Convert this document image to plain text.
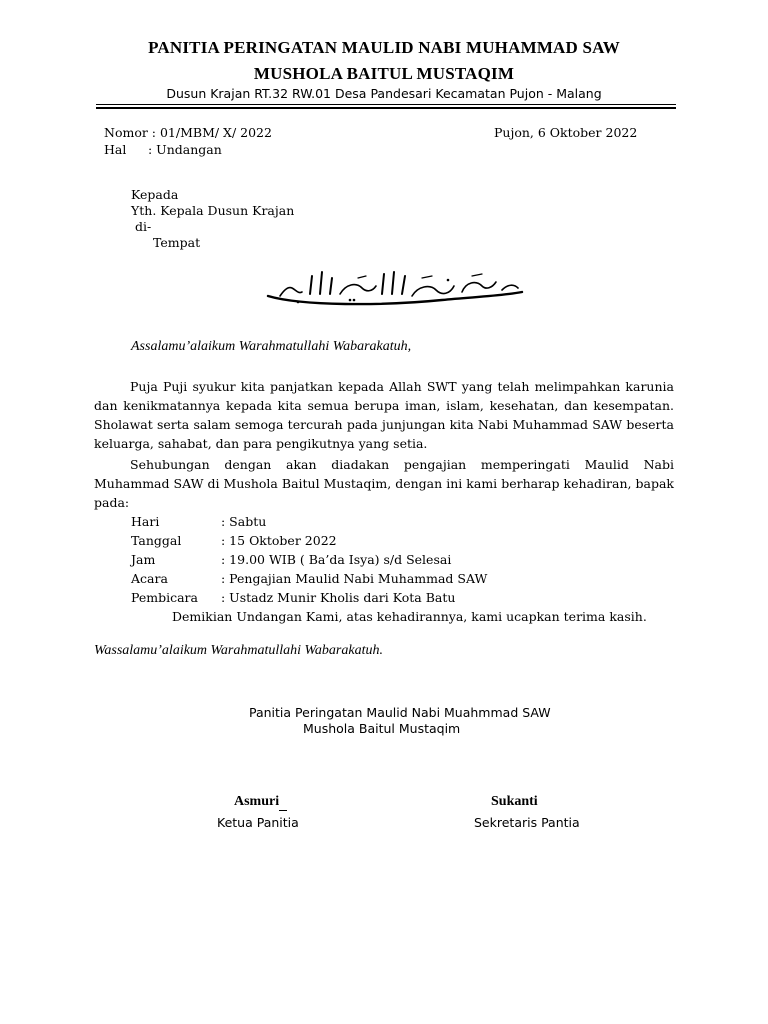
PANITIA PERINGATAN MAULID NABI MUHAMMAD SAW
MUSHOLA BAITUL MUSTAQIM
Dusun Krajan RT.32 RW.01 Desa Pandesari Kecamatan Pujon - Malang
Nomor : 01/MBM/ X/ 2022	Pujon, 6 Oktober 2022
Hal : Undangan
Kepada
Yth. Kepala Dusun Krajan
di-
Tempat
Assalamu’alaikum Warahmatullahi Wabarakatuh,
Puja Puji syukur kita panjatkan kepada Allah SWT yang telah melimpahkan karunia dan kenikmatannya kepada kita semua berupa iman, islam, kesehatan, dan kesempatan. Sholawat serta salam semoga tercurah pada junjungan kita Nabi Muhammad SAW beserta keluarga, sahabat, dan para pengikutnya yang setia.
Sehubungan dengan akan diadakan pengajian memperingati Maulid Nabi Muhammad SAW di Mushola Baitul Mustaqim, dengan ini kami berharap kehadiran, bapak pada:
Hari	: Sabtu
Tanggal	: 15 Oktober 2022
Jam	: 19.00 WIB ( Ba’da Isya) s/d Selesai
Acara	: Pengajian Maulid Nabi Muhammad SAW
Pembicara : Ustadz Munir Kholis dari Kota Batu
Demikian Undangan Kami, atas kehadirannya, kami ucapkan terima kasih.
Wassalamu’alaikum Warahmatullahi Wabarakatuh.
Panitia Peringatan Maulid Nabi Muahmmad SAW
Mushola Baitul Mustaqim
Asmuri
Ketua Panitia
Sukanti
Sekretaris Pantia
